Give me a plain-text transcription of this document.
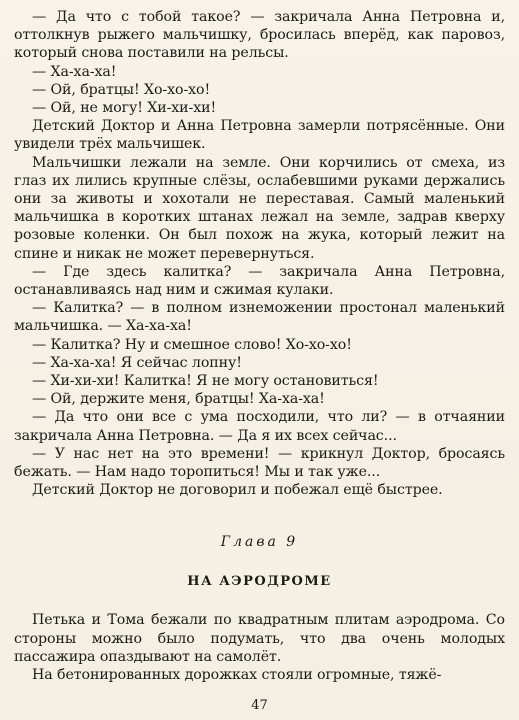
— Да что с тобой такое? — закричала Анна Петровна и, оттолкнув рыжего мальчишку, бросилась вперёд, как паровоз, который снова поставили на рельсы.

— Ха-ха-ха!

— Ой, братцы! Хо-хо-хо!

— Ой, не могу! Хи-хи-хи!

Детский Доктор и Анна Петровна замерли потрясённые. Они увидели трёх мальчишек.

Мальчишки лежали на земле. Они корчились от смеха, из глаз их лились крупные слёзы, ослабевшими руками держались они за животы и хохотали не переставая. Самый маленький мальчишка в коротких штанах лежал на земле, задрав кверху розовые коленки. Он был похож на жука, который лежит на спине и никак не может перевернуться.

— Где здесь калитка? — закричала Анна Петровна, останавливаясь над ним и сжимая кулаки.

— Калитка? — в полном изнеможении простонал маленький мальчишка. — Ха-ха-ха!

— Калитка? Ну и смешное слово! Хо-хо-хо!

— Ха-ха-ха! Я сейчас лопну!

— Хи-хи-хи! Калитка! Я не могу остановиться!

— Ой, держите меня, братцы! Ха-ха-ха!

— Да что они все с ума посходили, что ли? — в отчаянии закричала Анна Петровна. — Да я их всех сейчас...

— У нас нет на это времени! — крикнул Доктор, бросаясь бежать. — Нам надо торопиться! Мы и так уже...

Детский Доктор не договорил и побежал ещё быстрее.

Глава 9
НА АЭРОДРОМЕ

Петька и Тома бежали по квадратным плитам аэродрома. Со стороны можно было подумать, что два очень молодых пассажира опаздывают на самолёт.

На бетонированных дорожках стояли огромные, тяжё-

47
